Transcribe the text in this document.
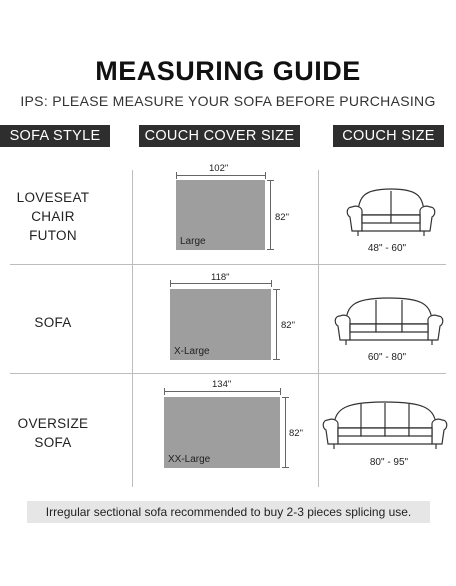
MEASURING GUIDE
IPS: PLEASE MEASURE YOUR SOFA BEFORE PURCHASING
SOFA STYLE	COUCH COVER SIZE	COUCH SIZE
LOVESEAT
CHAIR
FUTON
102"
Large
82"
48" - 60"
SOFA
118"
X-Large
82"
60" - 80"
OVERSIZE
SOFA
134"
XX-Large
82"
80" - 95"
Irregular sectional sofa recommended to buy 2-3 pieces splicing use.
